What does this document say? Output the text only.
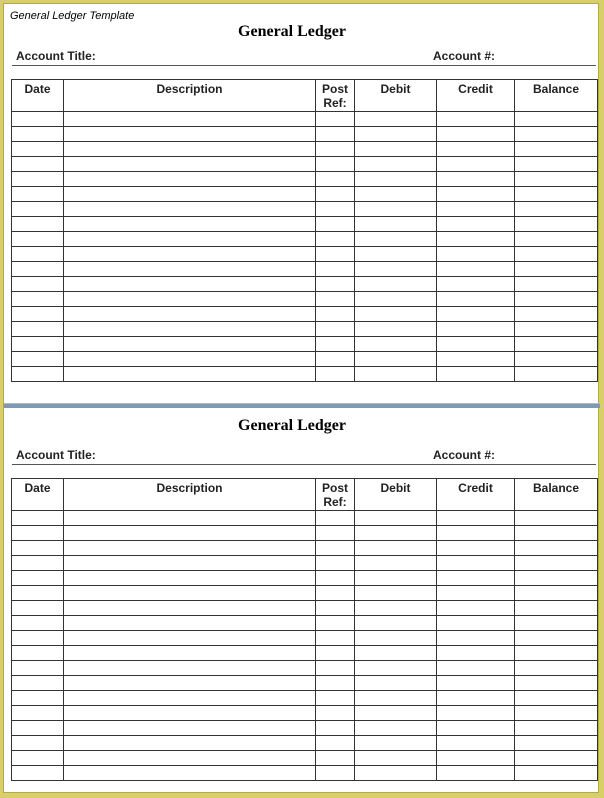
General Ledger Template
General Ledger
Account Title:	Account #:
Date	Description	Post Ref:	Debit	Credit	Balance

General Ledger
Account Title:	Account #:
Date	Description	Post Ref:	Debit	Credit	Balance
